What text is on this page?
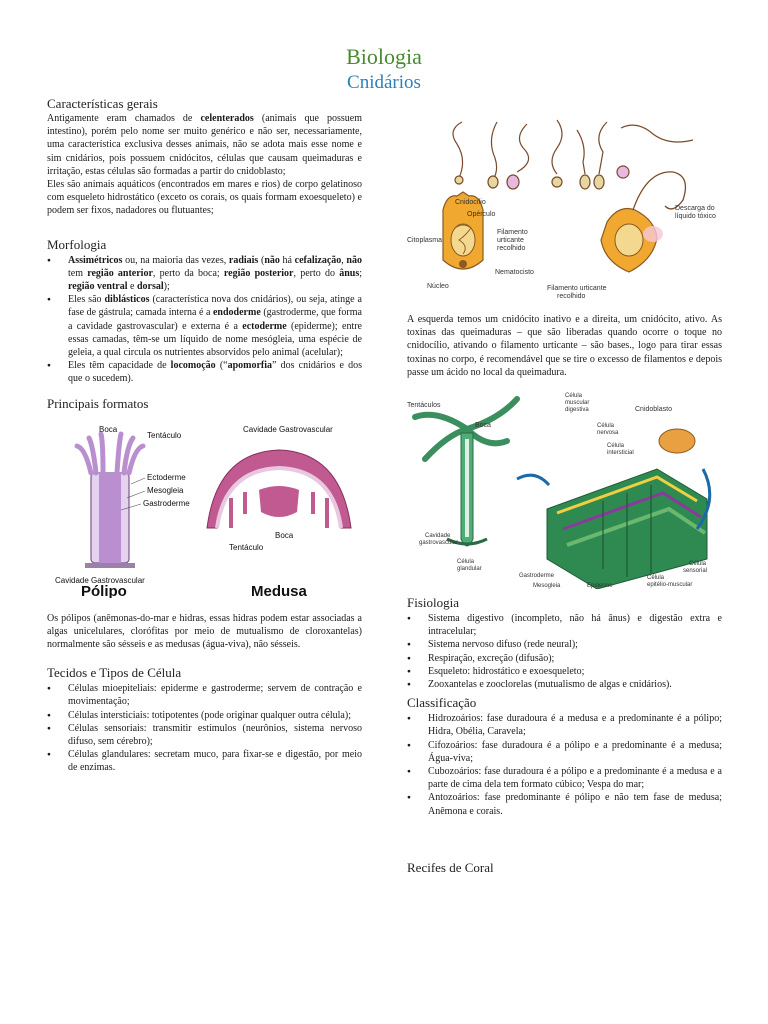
Biologia
Cnidários
Características gerais

Antigamente eram chamados de celenterados (animais que possuem intestino), porém pelo nome ser muito genérico e não ser, necessariamente, uma característica exclusiva desses animais, não se adota mais esse nome e sim cnidários, pois possuem cnidócitos, células que causam queimaduras e irritação, estas células são formadas a partir do cnidoblasto;

Eles são animais aquáticos (encontrados em mares e rios) de corpo gelatinoso com esqueleto hidrostático (exceto os corais, os quais formam exoesqueleto) e podem ser fixos, nadadores ou flutuantes;

Morfologia
● Assimétricos ou, na maioria das vezes, radiais (não há cefalização, não tem região anterior, perto da boca; região posterior, perto do ânus; região ventral e dorsal);
● Eles são diblásticos (característica nova dos cnidários), ou seja, atinge a fase de gástrula; camada interna é a endoderme (gastroderme, que forma a cavidade gastrovascular) e externa é a ectoderme (epiderme); entre essas camadas, têm-se um líquido de nome mesógleia, uma espécie de geleia, a qual circula os nutrientes absorvidos pelo animal (acelular);
● Eles têm capacidade de locomoção (“apomorfia” dos cnidários e dos que o sucedem).
Principais formatos
Boca
Tentáculo
Ectoderme
Mesogleia
Gastroderme
Cavidade Gastrovascular
Cavidade Gastrovascular
Boca
Tentáculo
Pólipo	Medusa

Os pólipos (anêmonas-do-mar e hidras, essas hidras podem estar associadas a algas unicelulares, clorófitas por meio de mutualismo de cloroxantelas) normalmente são sésseis e as medusas (água-viva), não sésseis.

Tecidos e Tipos de Célula
● Células mioepiteliais: epiderme e gastroderme; servem de contração e movimentação;
● Células intersticiais: totipotentes (pode originar qualquer outra célula);
● Células sensoriais: transmitir estímulos (neurônios, sistema nervoso difuso, sem cérebro);
● Células glandulares: secretam muco, para fixar-se e digestão, por meio de enzimas.
Cnidocílio
Opérculo
Citoplasma
Filamento
urticante
recolhido
Nematocisto
Núcleo
Descarga do
líquido tóxico
Filamento urticante
recolhido

A esquerda temos um cnidócito inativo e a direita, um cnidócito, ativo. As toxinas das queimaduras – que são liberadas quando ocorre o toque no cnidocílio, ativando o filamento urticante – são bases., logo para tirar essas toxinas no corpo, é recomendável que se tire o excesso de filamentos e depois passe um ácido no local da queimadura.

Tentáculos
Boca
Célula
muscular
digestiva	Cnidoblasto
Célula
nervosa
Célula
intersticial
Cavidade
gastrovascular
Célula
glandular
Gastroderme
Mesogleia	Epiderme
Célula
sensorial
Célula
epitélio-muscular
Fisiologia
● Sistema digestivo (incompleto, não há ânus) e digestão extra e intracelular;
● Sistema nervoso difuso (rede neural);
● Respiração, excreção (difusão);
● Esqueleto: hidrostático e exoesqueleto;
● Zooxantelas e zooclorelas (mutualismo de algas e cnidários).
Classificação
● Hidrozoários: fase duradoura é a medusa e a predominante é a pólipo; Hidra, Obélia, Caravela;
● Cifozoários: fase duradoura é a pólipo e a predominante é a medusa; Água-viva;
● Cubozoários: fase duradoura é a pólipo e a predominante é a medusa e a parte de cima dela tem formato cúbico; Vespa do mar;
● Antozoários: fase predominante é pólipo e não tem fase de medusa; Anêmona e corais.
Recifes de Coral
